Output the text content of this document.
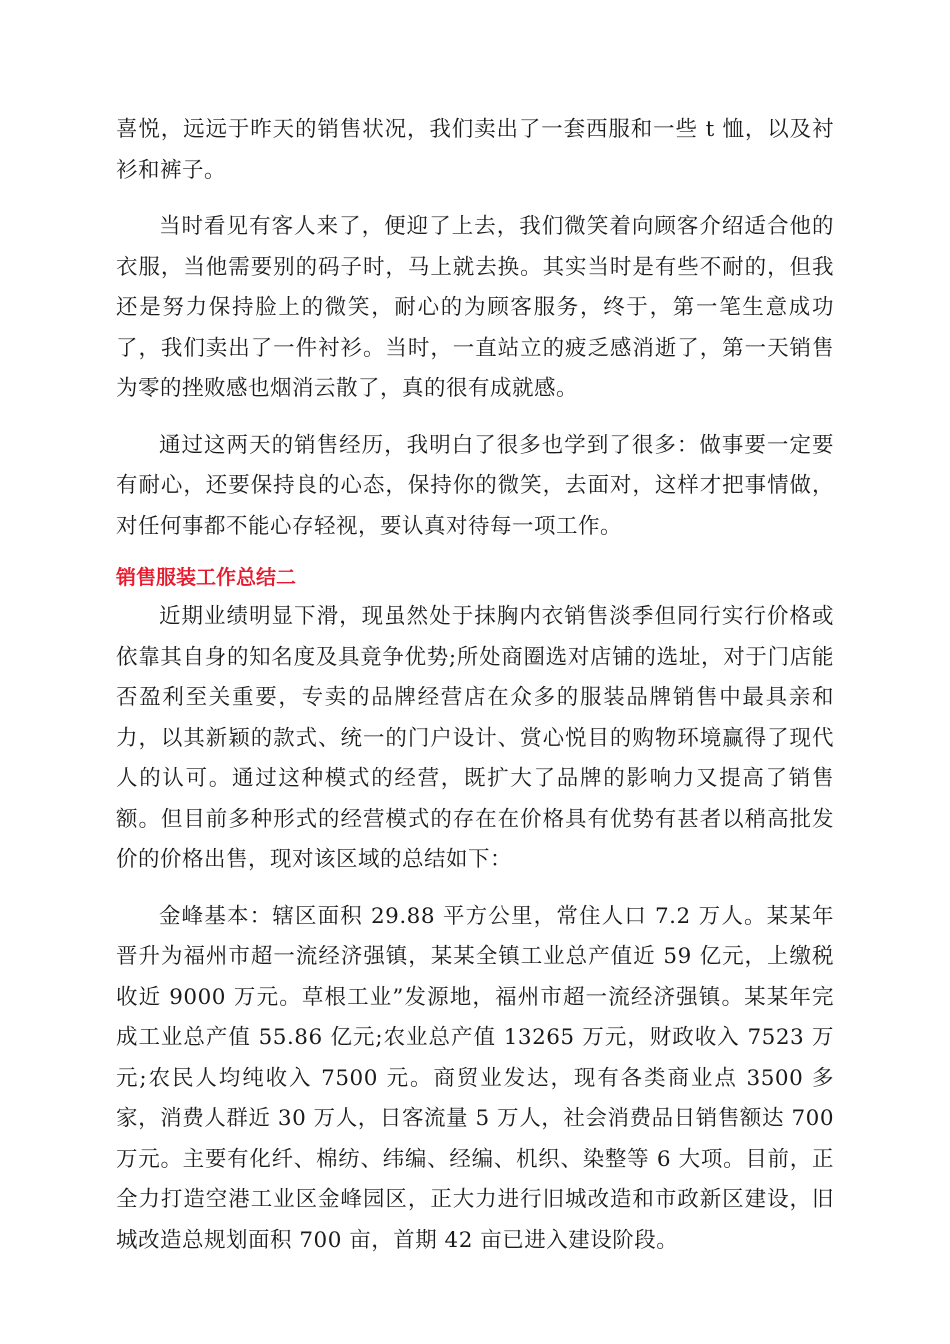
喜悦，远远于昨天的销售状况，我们卖出了一套西服和一些 t 恤，以及衬衫和裤子。

当时看见有客人来了，便迎了上去，我们微笑着向顾客介绍适合他的衣服，当他需要别的码子时，马上就去换。其实当时是有些不耐的，但我还是努力保持脸上的微笑，耐心的为顾客服务，终于，第一笔生意成功了，我们卖出了一件衬衫。当时，一直站立的疲乏感消逝了，第一天销售为零的挫败感也烟消云散了，真的很有成就感。

通过这两天的销售经历，我明白了很多也学到了很多：做事要一定要有耐心，还要保持良的心态，保持你的微笑，去面对，这样才把事情做，对任何事都不能心存轻视，要认真对待每一项工作。

销售服装工作总结二

近期业绩明显下滑，现虽然处于抹胸内衣销售淡季但同行实行价格或依靠其自身的知名度及具竟争优势;所处商圈选对店铺的选址，对于门店能否盈利至关重要，专卖的品牌经营店在众多的服装品牌销售中最具亲和力，以其新颖的款式、统一的门户设计、赏心悦目的购物环境赢得了现代人的认可。通过这种模式的经营，既扩大了品牌的影响力又提高了销售额。但目前多种形式的经营模式的存在在价格具有优势有甚者以稍高批发价的价格出售，现对该区域的总结如下：

金峰基本：辖区面积 29.88 平方公里，常住人口 7.2 万人。某某年晋升为福州市超一流经济强镇，某某全镇工业总产值近 59 亿元，上缴税收近 9000 万元。草根工业”发源地，福州市超一流经济强镇。某某年完成工业总产值 55.86 亿元;农业总产值 13265 万元，财政收入 7523 万元;农民人均纯收入 7500 元。商贸业发达，现有各类商业点 3500 多家，消费人群近 30 万人，日客流量 5 万人，社会消费品日销售额达 700 万元。主要有化纤、棉纺、纬编、经编、机织、染整等 6 大项。目前，正全力打造空港工业区金峰园区，正大力进行旧城改造和市政新区建设，旧城改造总规划面积 700 亩，首期 42 亩已进入建设阶段。
